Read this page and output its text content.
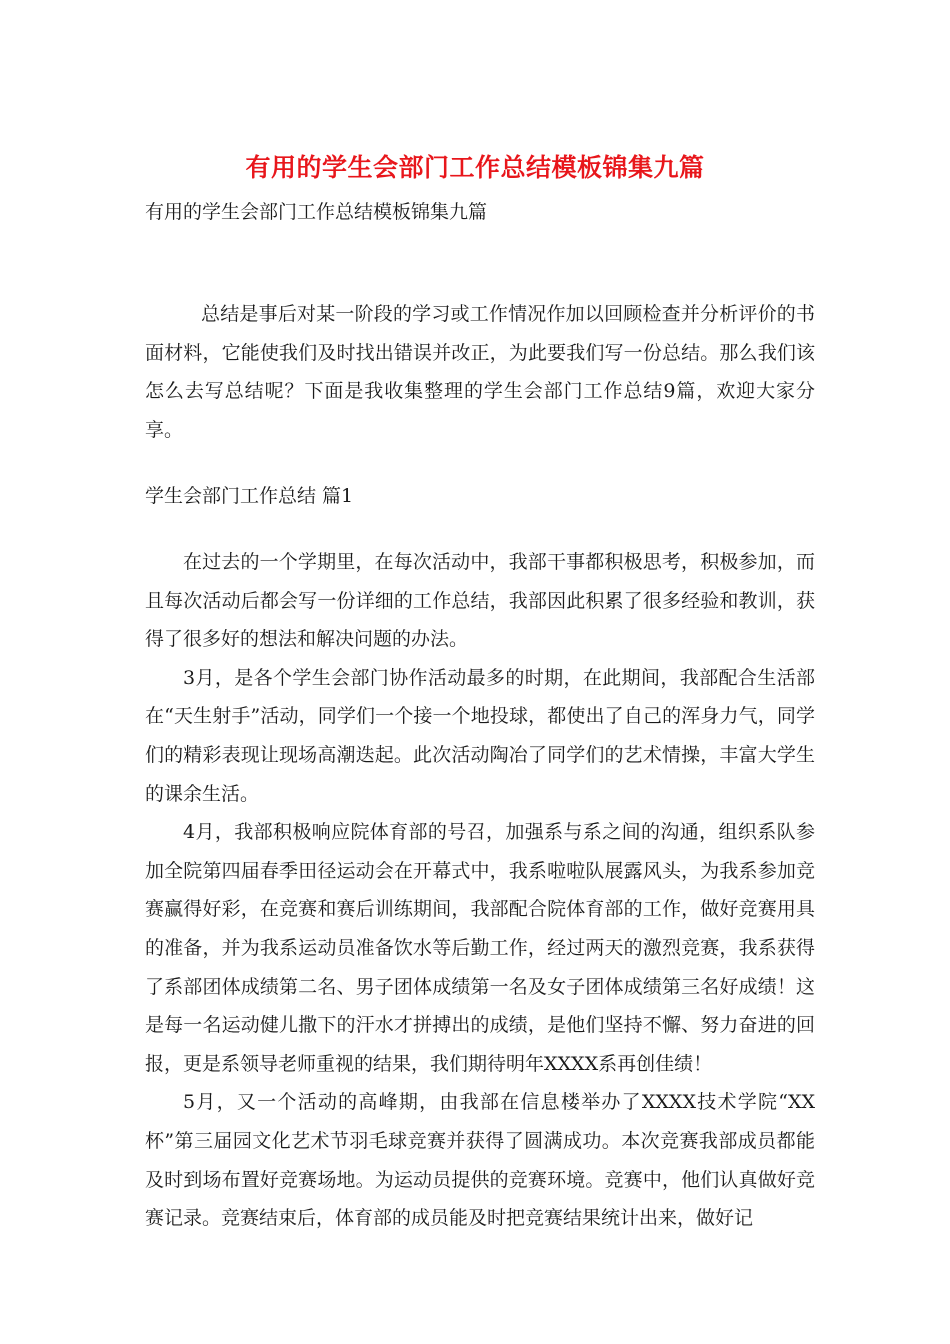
有用的学生会部门工作总结模板锦集九篇
有用的学生会部门工作总结模板锦集九篇

总结是事后对某一阶段的学习或工作情况作加以回顾检查并分析评价的书面材料，它能使我们及时找出错误并改正，为此要我们写一份总结。那么我们该怎么去写总结呢？下面是我收集整理的学生会部门工作总结9篇，欢迎大家分享。

学生会部门工作总结 篇1

在过去的一个学期里，在每次活动中，我部干事都积极思考，积极参加，而且每次活动后都会写一份详细的工作总结，我部因此积累了很多经验和教训，获得了很多好的想法和解决问题的办法。

3月，是各个学生会部门协作活动最多的时期，在此期间，我部配合生活部在“天生射手”活动，同学们一个接一个地投球，都使出了自己的浑身力气，同学们的精彩表现让现场高潮迭起。此次活动陶冶了同学们的艺术情操，丰富大学生的课余生活。

4月，我部积极响应院体育部的号召，加强系与系之间的沟通，组织系队参加全院第四届春季田径运动会在开幕式中，我系啦啦队展露风头，为我系参加竞赛赢得好彩，在竞赛和赛后训练期间，我部配合院体育部的工作，做好竞赛用具的准备，并为我系运动员准备饮水等后勤工作，经过两天的激烈竞赛，我系获得了系部团体成绩第二名、男子团体成绩第一名及女子团体成绩第三名好成绩！这是每一名运动健儿撒下的汗水才拼搏出的成绩，是他们坚持不懈、努力奋进的回报，更是系领导老师重视的结果，我们期待明年XXXX系再创佳绩！

5月，又一个活动的高峰期，由我部在信息楼举办了XXXX技术学院“XX杯”第三届园文化艺术节羽毛球竞赛并获得了圆满成功。本次竞赛我部成员都能及时到场布置好竞赛场地。为运动员提供的竞赛环境。竞赛中，他们认真做好竞赛记录。竞赛结束后，体育部的成员能及时把竞赛结果统计出来，做好记
